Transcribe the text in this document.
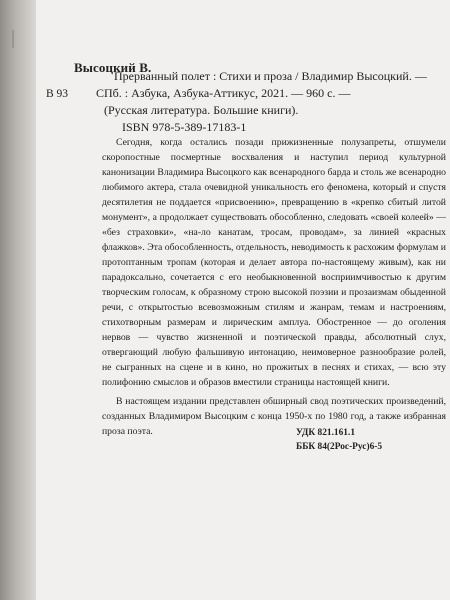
Высоцкий В.
В 93
Прерванный полет : Стихи и проза / Владимир Высоцкий. — СПб. : Азбука, Азбука-Аттикус, 2021. — 960 с. —
(Русская литература. Большие книги).
ISBN 978-5-389-17183-1

Сегодня, когда остались позади прижизненные полузапреты, отшумели скоропостные посмертные восхваления и наступил период культурной канонизации Владимира Высоцкого как всенародного барда и столь же всенародно любимого актера, стала очевидной уникальность его феномена, который и спустя десятилетия не поддается «присвоению», превращению в «крепко сбитый литой монумент», а продолжает существовать обособленно, следовать «своей колеей» — «без страховки», «на-ло канатам, тросам, проводам», за линией «красных флажков». Эта обособленность, отдельность, неводимость к расхожим формулам и протоптанным тропам (которая и делает автора по-настоящему живым), как ни парадоксально, сочетается с его необыкновенной восприимчивостью к другим творческим голосам, к образному строю высокой поэзии и прозаизмам обыденной речи, с открытостью всевозможным стилям и жанрам, темам и настроениям, стихотворным размерам и лирическим амплуа. Обостренное — до оголения нервов — чувство жизненной и поэтической правды, абсолютный слух, отвергающий любую фальшивую интонацию, неимоверное разнообразие ролей, не сыгранных на сцене и в кино, но прожитых в песнях и стихах, — всю эту полифонию смыслов и образов вместили страницы настоящей книги.

В настоящем издании представлен обширный свод поэтических произведений, созданных Владимиром Высоцким с конца 1950-х по 1980 год, а также избранная проза поэта.	УДК 821.161.1
ББК 84(2Рос-Рус)6-5
